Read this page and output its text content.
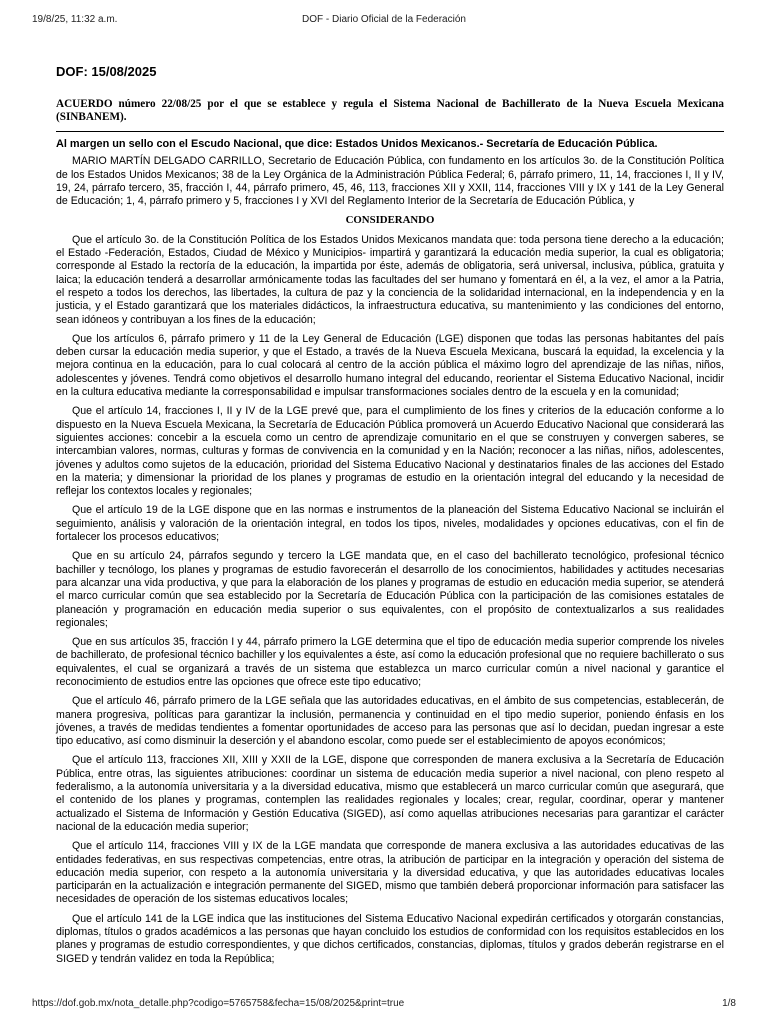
19/8/25, 11:32 a.m.	DOF - Diario Oficial de la Federación
DOF: 15/08/2025
ACUERDO número 22/08/25 por el que se establece y regula el Sistema Nacional de Bachillerato de la Nueva Escuela Mexicana (SINBANEM).

Al margen un sello con el Escudo Nacional, que dice: Estados Unidos Mexicanos.- Secretaría de Educación Pública.

MARIO MARTÍN DELGADO CARRILLO, Secretario de Educación Pública, con fundamento en los artículos 3o. de la Constitución Política de los Estados Unidos Mexicanos; 38 de la Ley Orgánica de la Administración Pública Federal; 6, párrafo primero, 11, 14, fracciones I, II y IV, 19, 24, párrafo tercero, 35, fracción I, 44, párrafo primero, 45, 46, 113, fracciones XII y XXII, 114, fracciones VIII y IX y 141 de la Ley General de Educación; 1, 4, párrafo primero y 5, fracciones I y XVI del Reglamento Interior de la Secretaría de Educación Pública, y

CONSIDERANDO

Que el artículo 3o. de la Constitución Política de los Estados Unidos Mexicanos mandata que: toda persona tiene derecho a la educación; el Estado -Federación, Estados, Ciudad de México y Municipios- impartirá y garantizará la educación media superior, la cual es obligatoria; corresponde al Estado la rectoría de la educación, la impartida por éste, además de obligatoria, será universal, inclusiva, pública, gratuita y laica; la educación tenderá a desarrollar armónicamente todas las facultades del ser humano y fomentará en él, a la vez, el amor a la Patria, el respeto a todos los derechos, las libertades, la cultura de paz y la conciencia de la solidaridad internacional, en la independencia y en la justicia, y el Estado garantizará que los materiales didácticos, la infraestructura educativa, su mantenimiento y las condiciones del entorno, sean idóneos y contribuyan a los fines de la educación;

Que los artículos 6, párrafo primero y 11 de la Ley General de Educación (LGE) disponen que todas las personas habitantes del país deben cursar la educación media superior, y que el Estado, a través de la Nueva Escuela Mexicana, buscará la equidad, la excelencia y la mejora continua en la educación, para lo cual colocará al centro de la acción pública el máximo logro del aprendizaje de las niñas, niños, adolescentes y jóvenes. Tendrá como objetivos el desarrollo humano integral del educando, reorientar el Sistema Educativo Nacional, incidir en la cultura educativa mediante la corresponsabilidad e impulsar transformaciones sociales dentro de la escuela y en la comunidad;

Que el artículo 14, fracciones I, II y IV de la LGE prevé que, para el cumplimiento de los fines y criterios de la educación conforme a lo dispuesto en la Nueva Escuela Mexicana, la Secretaría de Educación Pública promoverá un Acuerdo Educativo Nacional que considerará las siguientes acciones: concebir a la escuela como un centro de aprendizaje comunitario en el que se construyen y convergen saberes, se intercambian valores, normas, culturas y formas de convivencia en la comunidad y en la Nación; reconocer a las niñas, niños, adolescentes, jóvenes y adultos como sujetos de la educación, prioridad del Sistema Educativo Nacional y destinatarios finales de las acciones del Estado en la materia; y dimensionar la prioridad de los planes y programas de estudio en la orientación integral del educando y la necesidad de reflejar los contextos locales y regionales;

Que el artículo 19 de la LGE dispone que en las normas e instrumentos de la planeación del Sistema Educativo Nacional se incluirán el seguimiento, análisis y valoración de la orientación integral, en todos los tipos, niveles, modalidades y opciones educativas, con el fin de fortalecer los procesos educativos;

Que en su artículo 24, párrafos segundo y tercero la LGE mandata que, en el caso del bachillerato tecnológico, profesional técnico bachiller y tecnólogo, los planes y programas de estudio favorecerán el desarrollo de los conocimientos, habilidades y actitudes necesarias para alcanzar una vida productiva, y que para la elaboración de los planes y programas de estudio en educación media superior, se atenderá el marco curricular común que sea establecido por la Secretaría de Educación Pública con la participación de las comisiones estatales de planeación y programación en educación media superior o sus equivalentes, con el propósito de contextualizarlos a sus realidades regionales;

Que en sus artículos 35, fracción I y 44, párrafo primero la LGE determina que el tipo de educación media superior comprende los niveles de bachillerato, de profesional técnico bachiller y los equivalentes a éste, así como la educación profesional que no requiere bachillerato o sus equivalentes, el cual se organizará a través de un sistema que establezca un marco curricular común a nivel nacional y garantice el reconocimiento de estudios entre las opciones que ofrece este tipo educativo;

Que el artículo 46, párrafo primero de la LGE señala que las autoridades educativas, en el ámbito de sus competencias, establecerán, de manera progresiva, políticas para garantizar la inclusión, permanencia y continuidad en el tipo medio superior, poniendo énfasis en los jóvenes, a través de medidas tendientes a fomentar oportunidades de acceso para las personas que así lo decidan, puedan ingresar a este tipo educativo, así como disminuir la deserción y el abandono escolar, como puede ser el establecimiento de apoyos económicos;

Que el artículo 113, fracciones XII, XIII y XXII de la LGE, dispone que corresponden de manera exclusiva a la Secretaría de Educación Pública, entre otras, las siguientes atribuciones: coordinar un sistema de educación media superior a nivel nacional, con pleno respeto al federalismo, a la autonomía universitaria y a la diversidad educativa, mismo que establecerá un marco curricular común que asegurará, que el contenido de los planes y programas, contemplen las realidades regionales y locales; crear, regular, coordinar, operar y mantener actualizado el Sistema de Información y Gestión Educativa (SIGED), así como aquellas atribuciones necesarias para garantizar el carácter nacional de la educación media superior;

Que el artículo 114, fracciones VIII y IX de la LGE mandata que corresponde de manera exclusiva a las autoridades educativas de las entidades federativas, en sus respectivas competencias, entre otras, la atribución de participar en la integración y operación del sistema de educación media superior, con respeto a la autonomía universitaria y la diversidad educativa, y que las autoridades educativas locales participarán en la actualización e integración permanente del SIGED, mismo que también deberá proporcionar información para satisfacer las necesidades de operación de los sistemas educativos locales;

Que el artículo 141 de la LGE indica que las instituciones del Sistema Educativo Nacional expedirán certificados y otorgarán constancias, diplomas, títulos o grados académicos a las personas que hayan concluido los estudios de conformidad con los requisitos establecidos en los planes y programas de estudio correspondientes, y que dichos certificados, constancias, diplomas, títulos y grados deberán registrarse en el SIGED y tendrán validez en toda la República;

https://dof.gob.mx/nota_detalle.php?codigo=5765758&fecha=15/08/2025&print=true	1/8
